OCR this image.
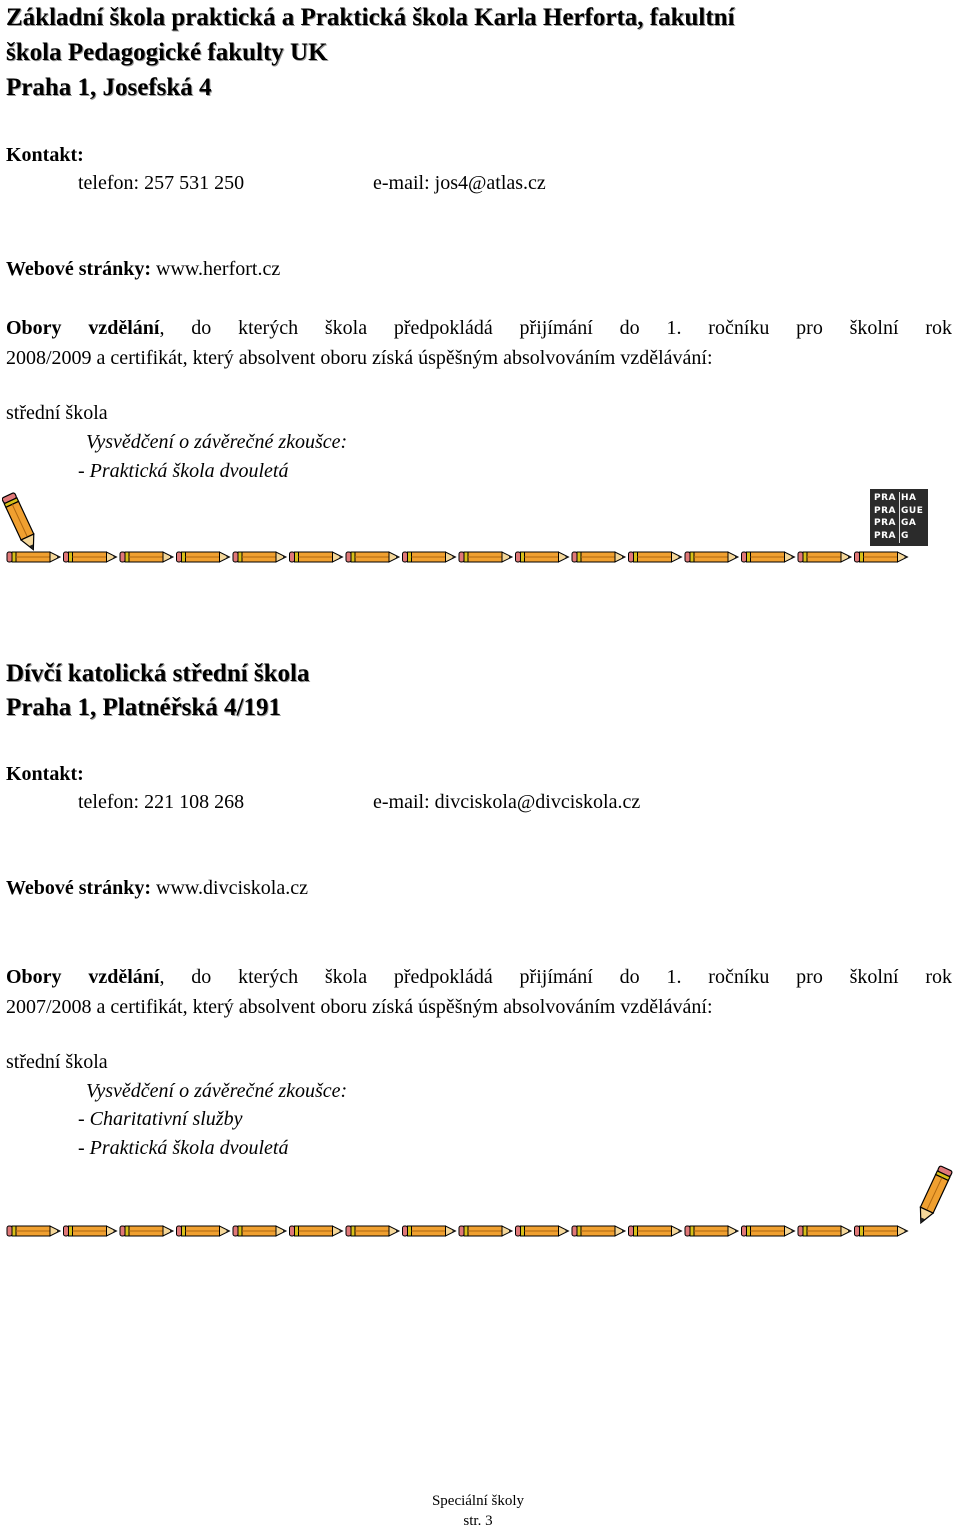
Základní škola praktická a Praktická škola Karla Herforta, fakultní
škola Pedagogické fakulty UK
Praha 1, Josefská 4
Kontakt:
telefon: 257 531 250	e-mail: jos4@atlas.cz
Webové stránky: www.herfort.cz
Obory vzdělání, do kterých škola předpokládá přijímání do 1. ročníku pro školní rok
2008/2009 a certifikát, který absolvent oboru získá úspěšným absolvováním vzdělávání:
střední škola
Vysvědčení o závěrečné zkoušce:
- Praktická škola dvouletá
PRA HA
PRA GUE
PRA GA
PRA G
Dívčí katolická střední škola
Praha 1, Platnéřská 4/191
Kontakt:
telefon: 221 108 268	e-mail: divciskola@divciskola.cz
Webové stránky: www.divciskola.cz
Obory vzdělání, do kterých škola předpokládá přijímání do 1. ročníku pro školní rok
2007/2008 a certifikát, který absolvent oboru získá úspěšným absolvováním vzdělávání:
střední škola
Vysvědčení o závěrečné zkoušce:
- Charitativní služby
- Praktická škola dvouletá
Speciální školy
str. 3
